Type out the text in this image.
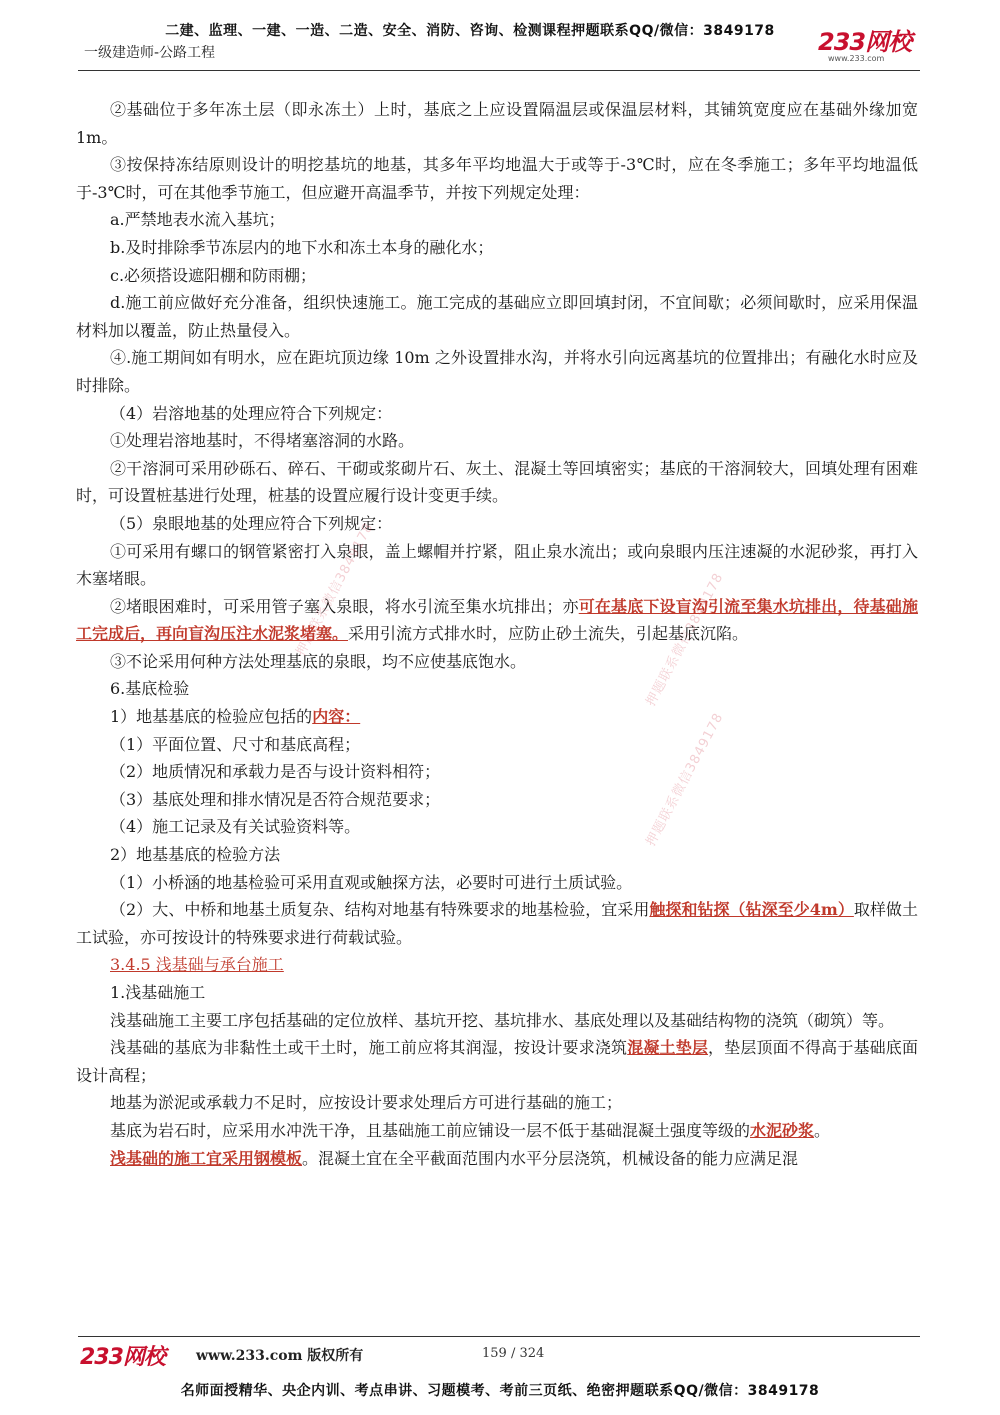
二建、监理、一建、一造、二造、安全、消防、咨询、检测课程押题联系QQ/微信：3849178
一级建造师-公路工程	233网校
www.233.com

②基础位于多年冻土层（即永冻土）上时，基底之上应设置隔温层或保温层材料，其铺筑宽度应在基础外缘加宽1m。

③按保持冻结原则设计的明挖基坑的地基，其多年平均地温大于或等于-3℃时，应在冬季施工；多年平均地温低于-3℃时，可在其他季节施工，但应避开高温季节，并按下列规定处理：

a.严禁地表水流入基坑；

b.及时排除季节冻层内的地下水和冻土本身的融化水；

c.必须搭设遮阳棚和防雨棚；

d.施工前应做好充分准备，组织快速施工。施工完成的基础应立即回填封闭，不宜间歇；必须间歇时，应采用保温材料加以覆盖，防止热量侵入。

④.施工期间如有明水，应在距坑顶边缘 10m 之外设置排水沟，并将水引向远离基坑的位置排出；有融化水时应及时排除。

（4）岩溶地基的处理应符合下列规定：

①处理岩溶地基时，不得堵塞溶洞的水路。

②干溶洞可采用砂砾石、碎石、干砌或浆砌片石、灰土、混凝土等回填密实；基底的干溶洞较大，回填处理有困难时，可设置桩基进行处理，桩基的设置应履行设计变更手续。

（5）泉眼地基的处理应符合下列规定：

①可采用有螺口的钢管紧密打入泉眼，盖上螺帽并拧紧，阻止泉水流出；或向泉眼内压注速凝的水泥砂浆，再打入木塞堵眼。

②堵眼困难时，可采用管子塞入泉眼，将水引流至集水坑排出；亦可在基底下设盲沟引流至集水坑排出，待基础施工完成后，再向盲沟压注水泥浆堵塞。采用引流方式排水时，应防止砂土流失，引起基底沉陷。

③不论采用何种方法处理基底的泉眼，均不应使基底饱水。

6.基底检验

1）地基基底的检验应包括的内容：

（1）平面位置、尺寸和基底高程；

（2）地质情况和承载力是否与设计资料相符；

（3）基底处理和排水情况是否符合规范要求；

（4）施工记录及有关试验资料等。

2）地基基底的检验方法

（1）小桥涵的地基检验可采用直观或触探方法，必要时可进行土质试验。

（2）大、中桥和地基土质复杂、结构对地基有特殊要求的地基检验，宜采用触探和钻探（钻深至少4m）取样做土工试验，亦可按设计的特殊要求进行荷载试验。

3.4.5 浅基础与承台施工

1.浅基础施工

浅基础施工主要工序包括基础的定位放样、基坑开挖、基坑排水、基底处理以及基础结构物的浇筑（砌筑）等。

浅基础的基底为非黏性土或干土时，施工前应将其润湿，按设计要求浇筑混凝土垫层，垫层顶面不得高于基础底面设计高程；

地基为淤泥或承载力不足时，应按设计要求处理后方可进行基础的施工；

基底为岩石时，应采用水冲洗干净，且基础施工前应铺设一层不低于基础混凝土强度等级的水泥砂浆。

浅基础的施工宜采用钢模板。混凝土宜在全平截面范围内水平分层浇筑，机械设备的能力应满足混

押题联系微信3849178
押题联系微信3849178
押题联系微信3849178
233网校 www.233.com 版权所有	159 / 324
名师面授精华、央企内训、考点串讲、习题模考、考前三页纸、绝密押题联系QQ/微信：3849178
